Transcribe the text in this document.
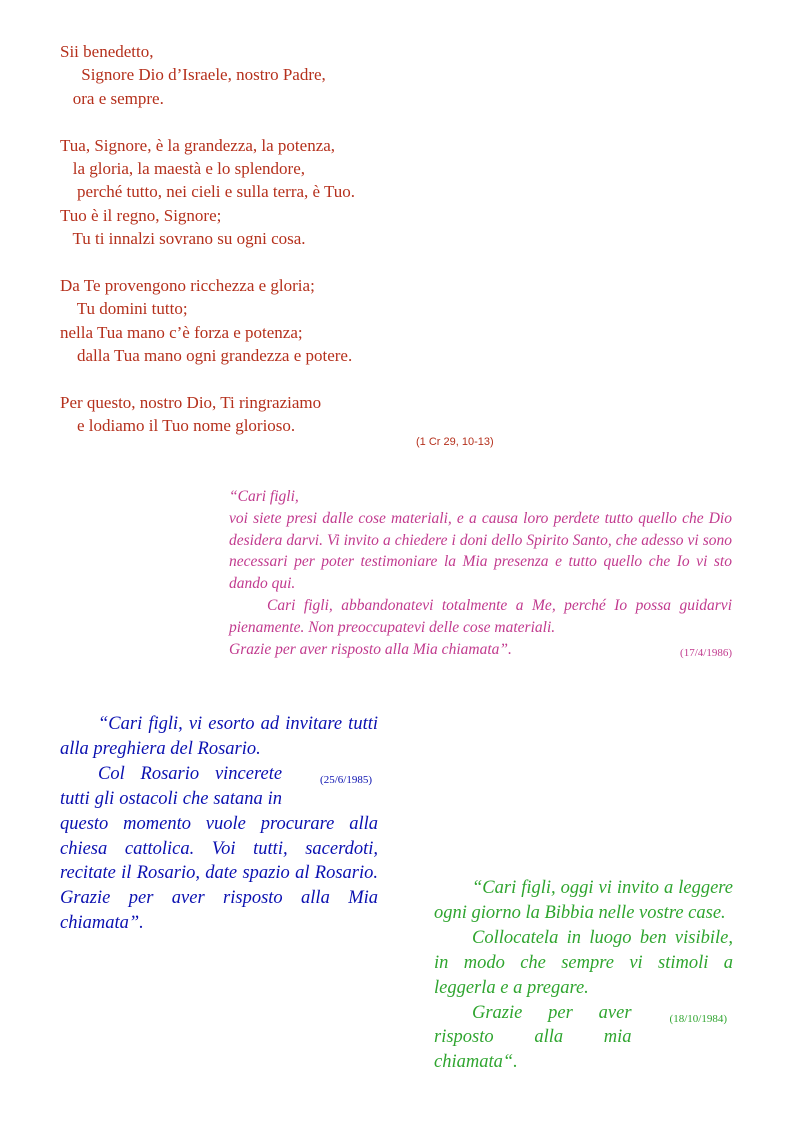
Sii benedetto,
Signore Dio d’Israele, nostro Padre,
ora e sempre.
Tua, Signore, è la grandezza, la potenza,
la gloria, la maestà e lo splendore,
perché tutto, nei cieli e sulla terra, è Tuo.
Tuo è il regno, Signore;
Tu ti innalzi sovrano su ogni cosa.
Da Te provengono ricchezza e gloria;
Tu domini tutto;
nella Tua mano c’è forza e potenza;
dalla Tua mano ogni grandezza e potere.
Per questo, nostro Dio, Ti ringraziamo
e lodiamo il Tuo nome glorioso.
(1 Cr 29, 10-13)

“Cari figli,

voi siete presi dalle cose materiali, e a causa loro perdete tutto quello che Dio desidera darvi. Vi invito a chiedere i doni dello Spirito Santo, che adesso vi sono necessari per poter testimoniare la Mia presenza e tutto quello che Io vi sto dando qui.

Cari figli, abbandonatevi totalmente a Me, perché Io possa guidarvi pienamente. Non preoccupatevi delle cose materiali.

(17/4/1986)
Grazie per aver risposto alla Mia chiamata”.

“Cari figli, vi esorto ad invitare tutti alla preghiera del Rosario.

(25/6/1985)
Col Rosario vincerete tutti gli ostacoli che satana in questo momento vuole procurare alla chiesa cattolica. Voi tutti, sacerdoti, recitate il Rosario, date spazio al Rosario. Grazie per aver risposto alla Mia chiamata”.

“Cari figli, oggi vi invito a leggere ogni giorno la Bibbia nelle vostre case.

Collocatela in luogo ben visibile, in modo che sempre vi stimoli a leggerla e a pregare.

(18/10/1984)
Grazie per aver risposto alla mia chiamata“.
